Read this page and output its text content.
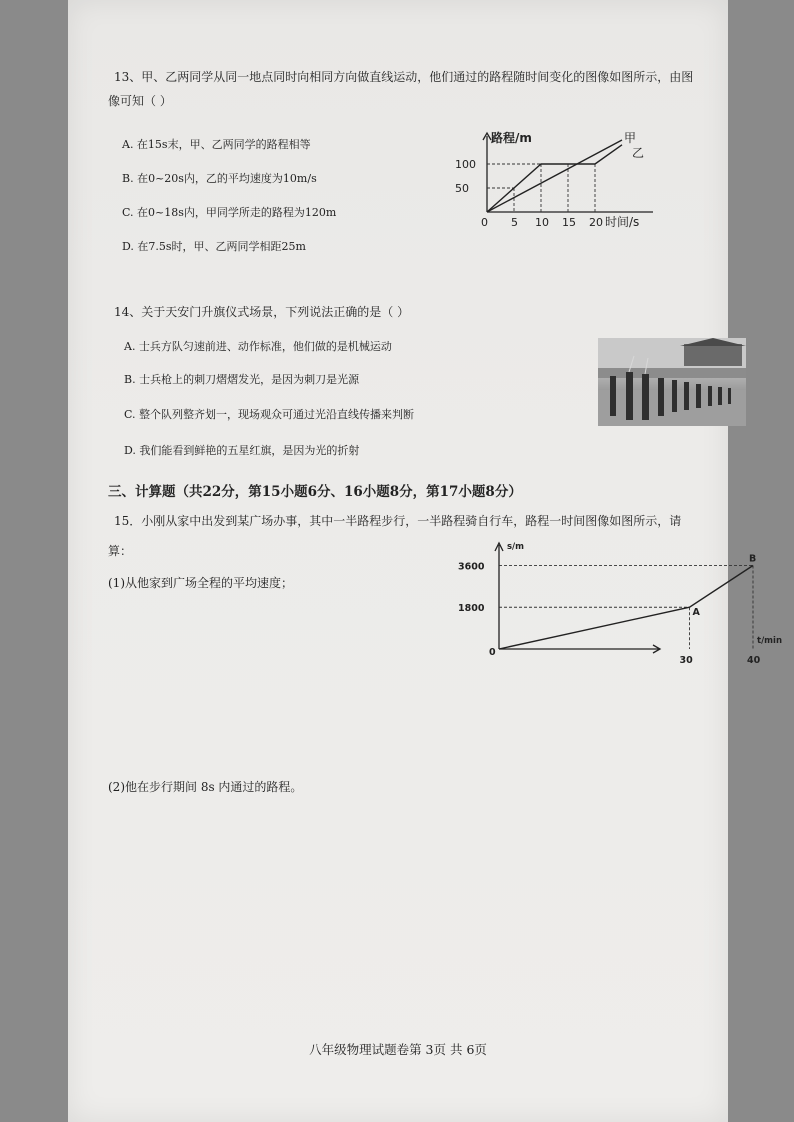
13、甲、乙两同学从同一地点同时向相同方向做直线运动，他们通过的路程随时间变化的图像如图所示，由图
像可知（ ）
A. 在15s末，甲、乙两同学的路程相等
B. 在0~20s内，乙的平均速度为10m/s
C. 在0~18s内，甲同学所走的路程为120m
D. 在7.5s时，甲、乙两同学相距25m
甲
乙
0 5 10 15 20
50
100
路程/m
时间/s
14、关于天安门升旗仪式场景，下列说法正确的是（ ）
A. 士兵方队匀速前进、动作标准，他们做的是机械运动
B. 士兵枪上的刺刀熠熠发光，是因为刺刀是光源
C. 整个队列整齐划一，现场观众可通过光沿直线传播来判断
D. 我们能看到鲜艳的五星红旗，是因为光的折射
三、计算题（共22分，第15小题6分、16小题8分，第17小题8分）
15．小刚从家中出发到某广场办事，其中一半路程步行，一半路程骑自行车，路程一时间图像如图所示，请
算：
(1)从他家到广场全程的平均速度；
(2)他在步行期间 8s 内通过的路程。
A
B
0
30	40
1800
3600
s/m
t/min
八年级物理试题卷第 3页 共 6页
